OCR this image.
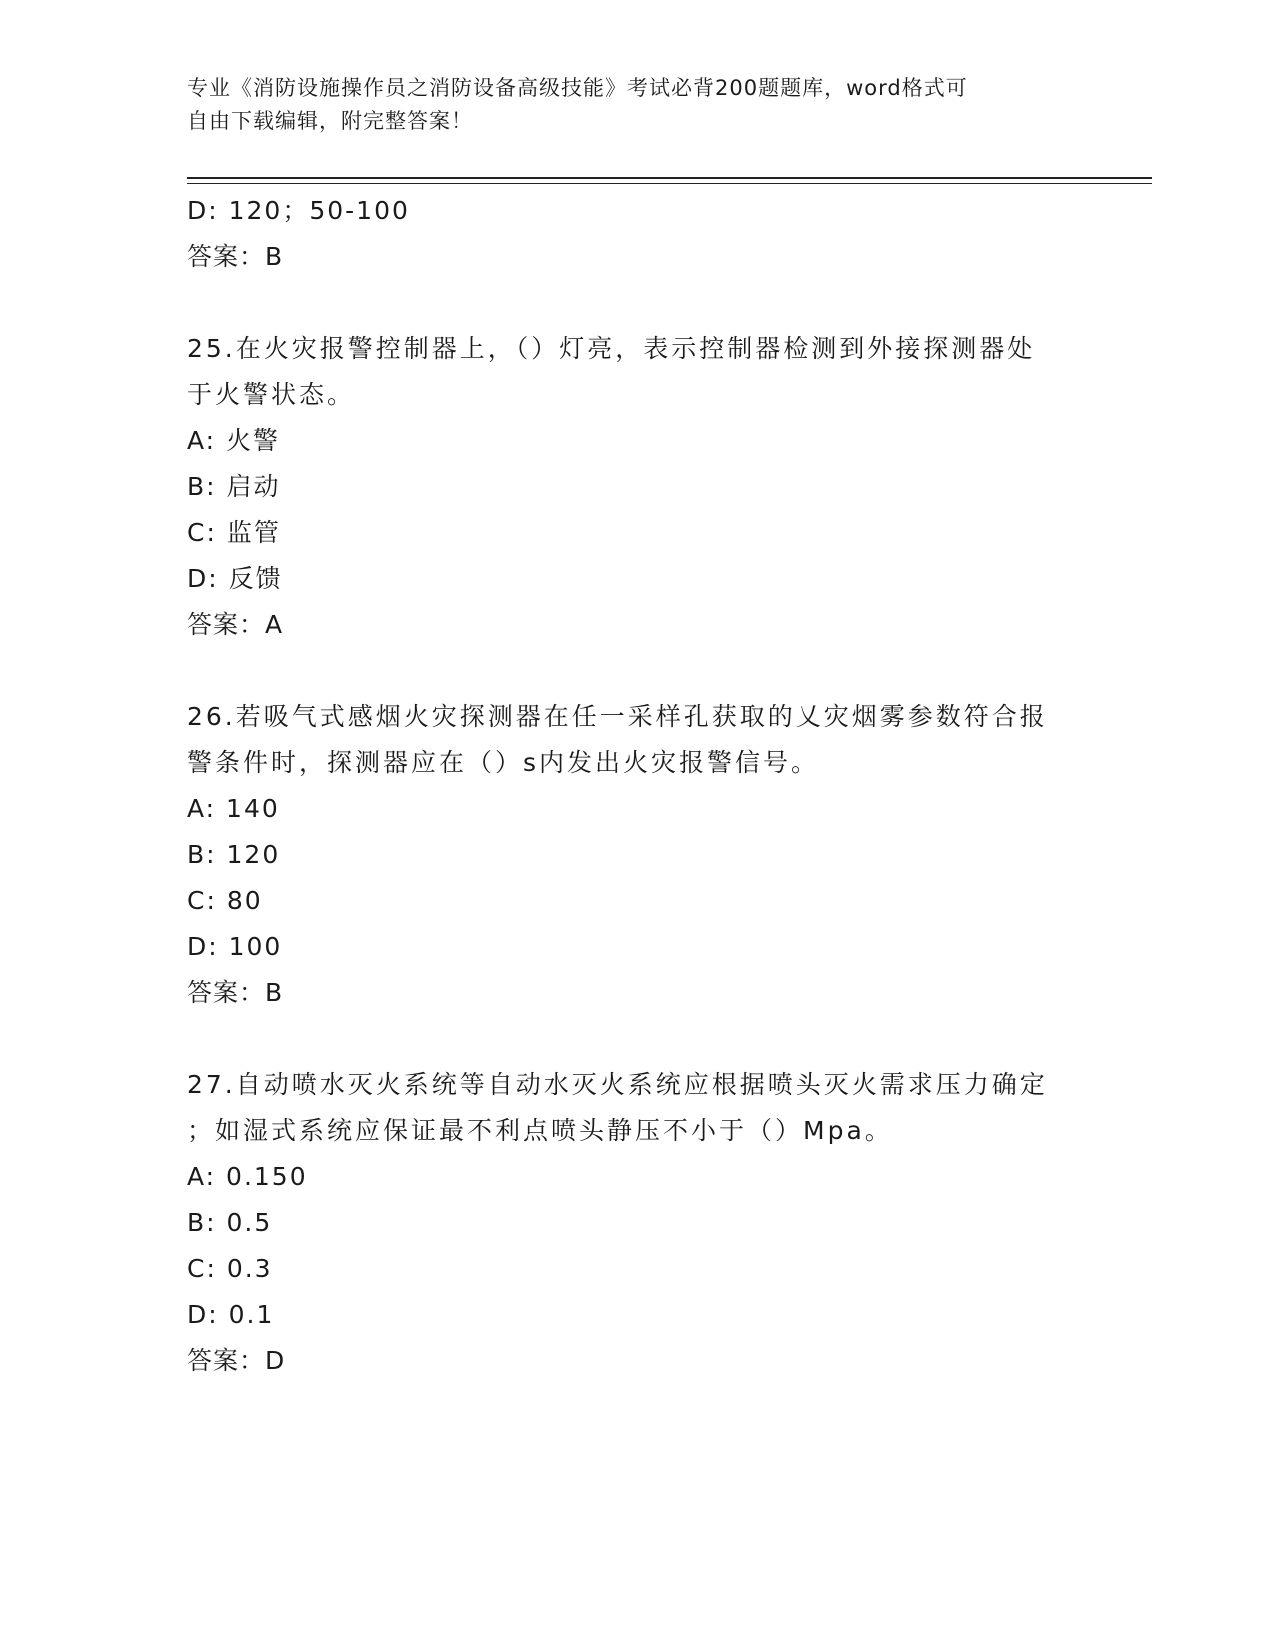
专业《消防设施操作员之消防设备高级技能》考试必背200题题库，word格式可
自由下载编辑，附完整答案！
D: 120；50-100
答案：B
25.在火灾报警控制器上，（）灯亮，表示控制器检测到外接探测器处
于火警状态。
A: 火警
B: 启动
C: 监管
D: 反馈
答案：A
26.若吸气式感烟火灾探测器在任一采样孔获取的乂灾烟雾参数符合报
警条件时，探测器应在（）s内发出火灾报警信号。
A: 140
B: 120
C: 80
D: 100
答案：B
27.自动喷水灭火系统等自动水灭火系统应根据喷头灭火需求压力确定
；如湿式系统应保证最不利点喷头静压不小于（）Mpa。
A: 0.150
B: 0.5
C: 0.3
D: 0.1
答案：D
